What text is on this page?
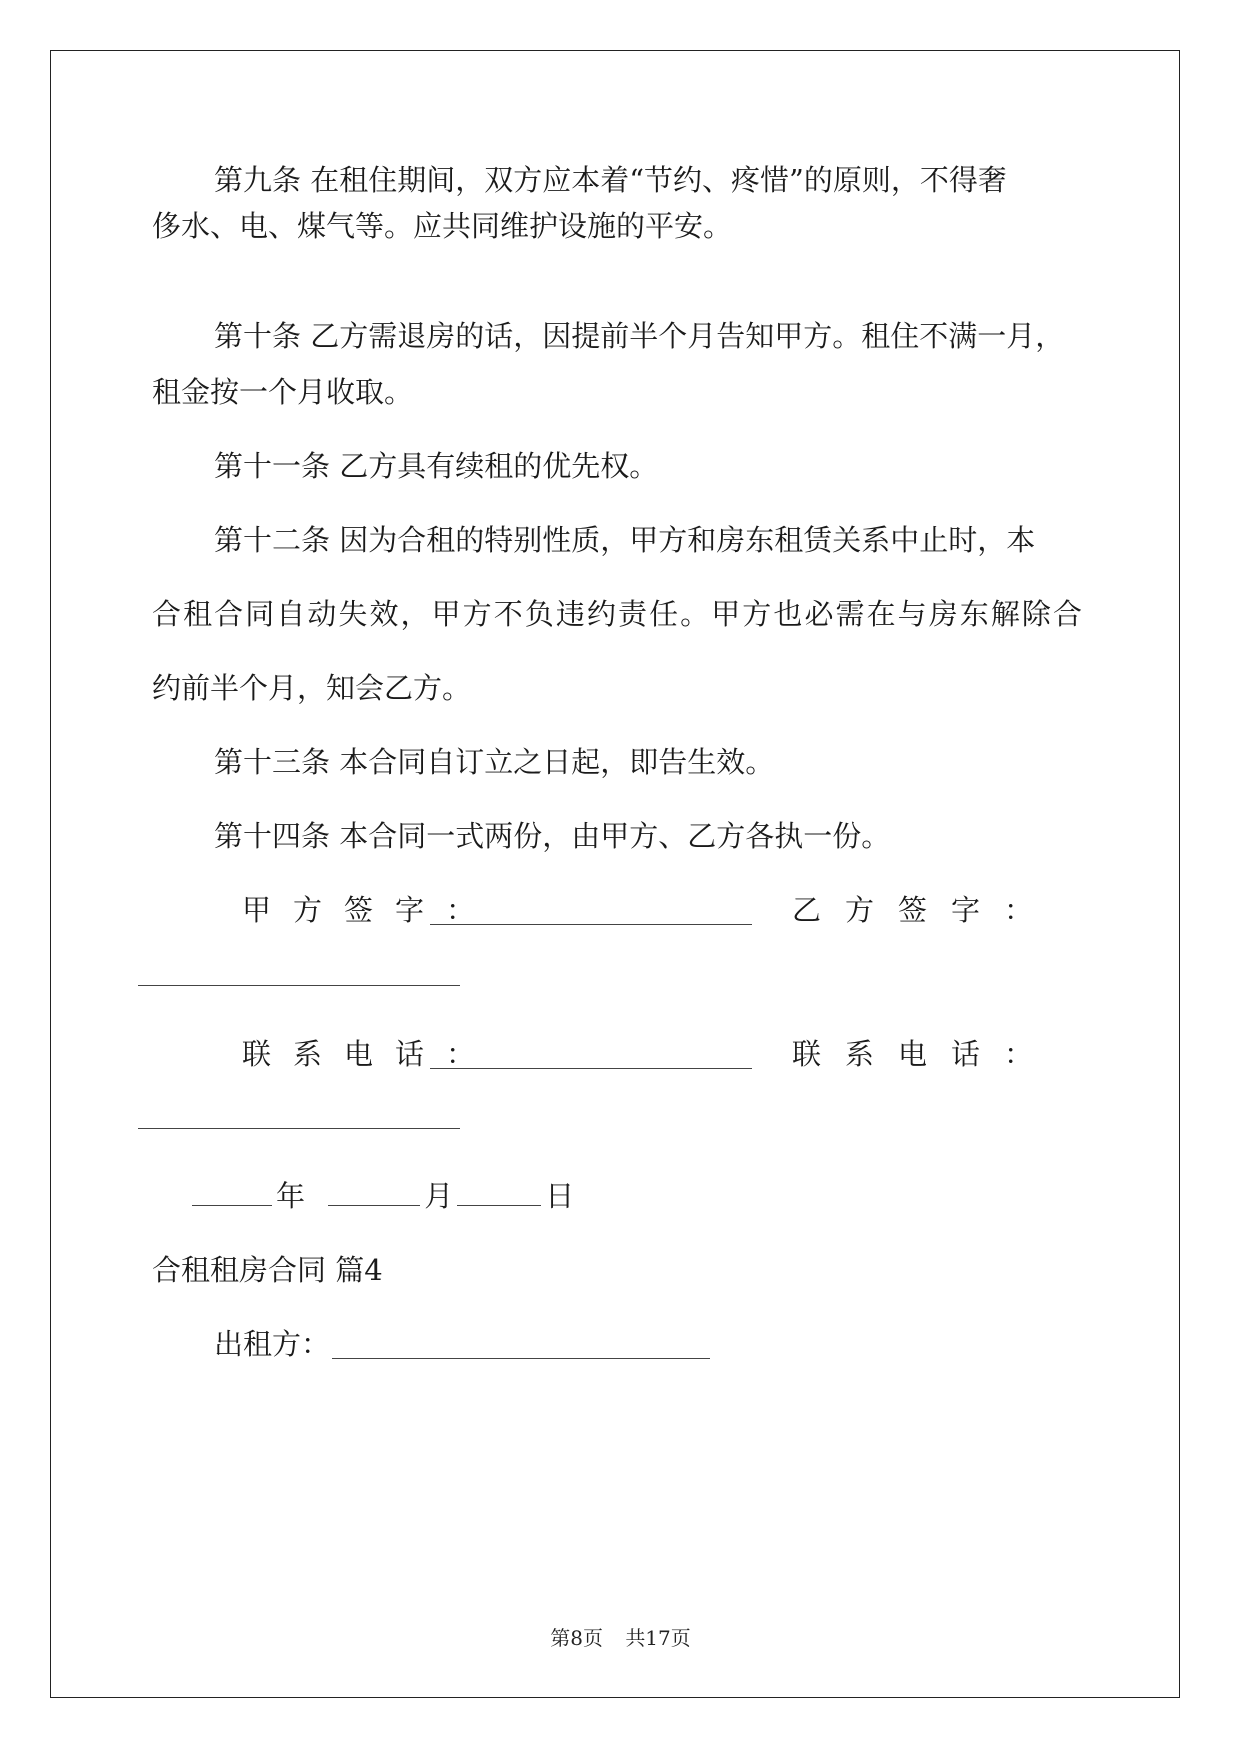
第九条 在租住期间，双方应本着“节约、疼惜”的原则，不得奢
侈水、电、煤气等。应共同维护设施的平安。
第十条 乙方需退房的话，因提前半个月告知甲方。租住不满一月，
租金按一个月收取。
第十一条 乙方具有续租的优先权。
第十二条 因为合租的特别性质，甲方和房东租赁关系中止时，本
合租合同自动失效，甲方不负违约责任。甲方也必需在与房东解除合
约前半个月，知会乙方。
第十三条 本合同自订立之日起，即告生效。
第十四条 本合同一式两份，由甲方、乙方各执一份。
甲方签字：	乙方签字：
联系电话：	联系电话：
年	月	日
合租租房合同 篇4
出租方：
第8页 共17页
